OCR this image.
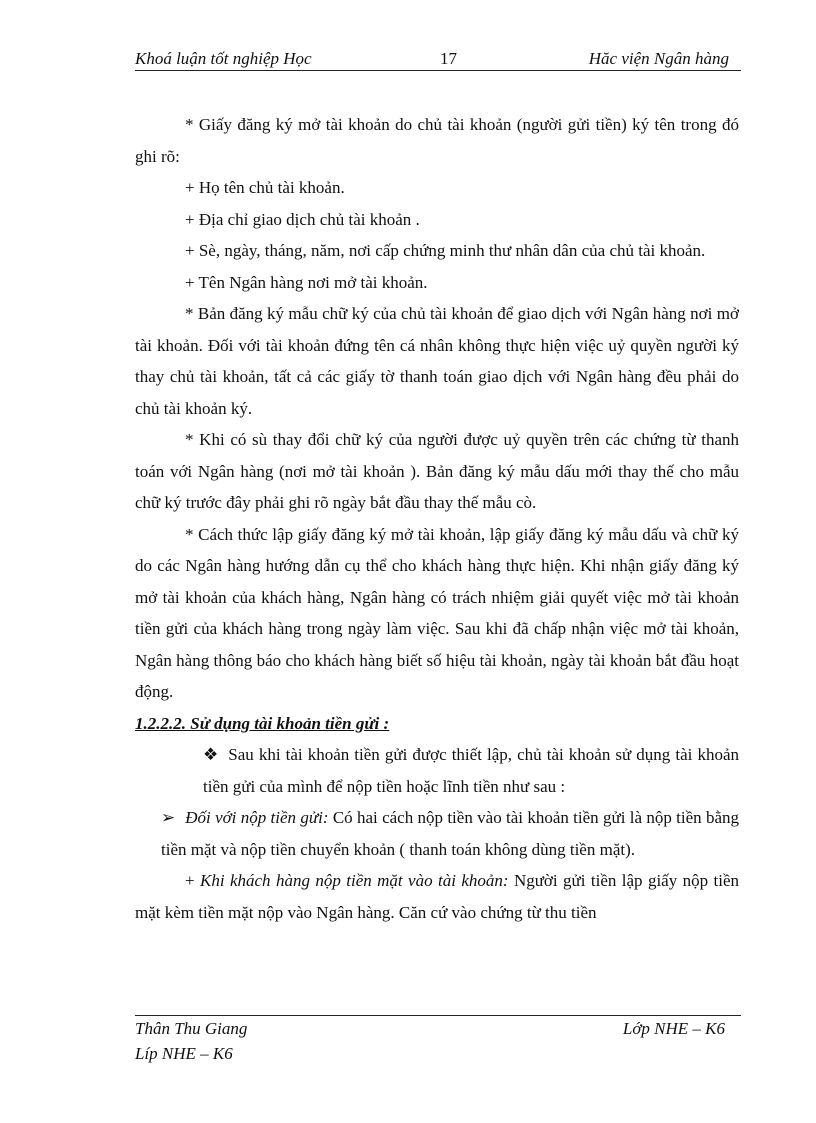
Khoá luận tốt nghiệp Học	17	Hăc viện Ngân hàng

* Giấy đăng ký mở tài khoản do chủ tài khoản (người gửi tiền) ký tên trong đó ghi rõ:

+ Họ tên chủ tài khoản.

+ Địa chỉ giao dịch chủ tài khoản .

+ Sè, ngày, tháng, năm, nơi cấp chứng minh thư nhân dân của chủ tài khoản.

+ Tên Ngân hàng nơi mở tài khoản.

* Bản đăng ký mẫu chữ ký của chủ tài khoản để giao dịch với Ngân hàng nơi mở tài khoản. Đối với tài khoản đứng tên cá nhân không thực hiện việc uỷ quyền người ký thay chủ tài khoản, tất cả các giấy tờ thanh toán giao dịch với Ngân hàng đều phải do chủ tài khoản ký.

* Khi có sù thay đổi chữ ký của người được uỷ quyền trên các chứng từ thanh toán với Ngân hàng (nơi mở tài khoản ). Bản đăng ký mẫu dấu mới thay thế cho mẫu chữ ký trước đây phải ghi rõ ngày bắt đầu thay thế mẫu cò.

* Cách thức lập giấy đăng ký mở tài khoản, lập giấy đăng ký mẫu dấu và chữ ký do các Ngân hàng hướng dẫn cụ thể cho khách hàng thực hiện. Khi nhận giấy đăng ký mở tài khoản của khách hàng, Ngân hàng có trách nhiệm giải quyết việc mở tài khoản tiền gửi của khách hàng trong ngày làm việc. Sau khi đã chấp nhận việc mở tài khoản, Ngân hàng thông báo cho khách hàng biết số hiệu tài khoản, ngày tài khoản bắt đầu hoạt động.

1.2.2.2. Sử dụng tài khoản tiền gửi :

❖ Sau khi tài khoản tiền gửi được thiết lập, chủ tài khoản sử dụng tài khoản tiền gửi của mình để nộp tiền hoặc lĩnh tiền như sau :

➢ Đối với nộp tiền gửi: Có hai cách nộp tiền vào tài khoản tiền gửi là nộp tiền bằng tiền mặt và nộp tiền chuyển khoản ( thanh toán không dùng tiền mặt).

+ Khi khách hàng nộp tiền mặt vào tài khoản: Người gửi tiền lập giấy nộp tiền mặt kèm tiền mặt nộp vào Ngân hàng. Căn cứ vào chứng từ thu tiền

Thân Thu Giang	Lớp NHE – K6
Líp NHE – K6
